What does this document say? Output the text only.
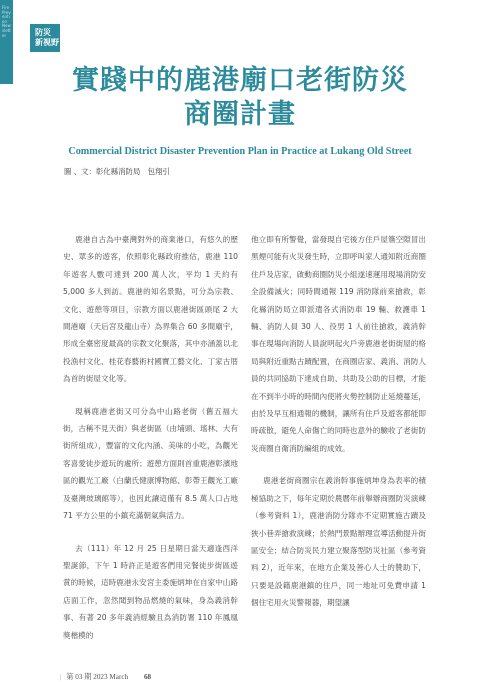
Fire Prevention Newsletter	防災
新視野
實踐中的鹿港廟口老街防災
商圈計畫
Commercial District Disaster Prevention Plan in Practice at Lukang Old Street
圖 、文：彰化縣消防局　包翔引

鹿港自古為中臺灣對外的商業港口，有悠久的歷史、眾多的遊客，依照彰化縣政府推估，鹿港 110 年遊客人數可達到 200 萬人次，平均 1 天約有 5,000 多人到訪。鹿港的知名景點，可分為宗教、文化、遊憩等項目，宗教方面以鹿港街區頭尾 2 大間港廟（天后宮及龍山寺）為界集合 60 多間廟宇，形成全臺密度最高的宗教文化聚落，其中亦涵蓋以北投漁村文化、桂花春藝術村國寶工藝文化、丁家古厝為首的街屋文化等。

現稱鹿港老街又可分為中山路老街（舊五福大街，古稱不見天街）與老街區（由埔頭、瑤林、大有街所組成），豐富的文化內涵、美味的小吃，為觀光客喜愛徒步遊玩的處所；遊憩方面則首重鹿港彰濱地區的觀光工廠（白蘭氏健康博物館、彰帶王觀光工廠及臺灣玻璃館等），也因此讓這僅有 8.5 萬人口占地 71 平方公里的小鎮充滿朝氣與活力。

去（111）年 12 月 25 日星期日當天適逢西洋聖誕節，下午 1 時許正是遊客們用完餐徒步街區遊賞的時候，這時鹿港永安宮主委施炳坤在自家中山路店面工作，忽然聞到物品燃燒的氣味，身為義消幹事、有著 20 多年義消經驗且為消防署 110 年鳳凰獎楷模的

他立即有所警覺，當發現自宅後方住戶屋簷空隙冒出黑煙可能有火災發生時，立即呼叫家人通知附近商圈住戶及店家，啟動商圈防災小組遂速運用現場消防安全設備滅火；同時間通報 119 消防隊前來搶救，彰化縣消防局立即派遣各式消防車 19 輛、救護車 1 輛、消防人員 30 人、役男 1 人前往搶救，義消幹事在現場向消防人員說明起火戶旁鹿港老街街屋的格局與附近重點古蹟配置，在商圈店家、義消、消防人員的共同協助下達成自助、共助及公助的目標，才能在不到半小時的時間內使將火勢控制防止延燒蔓延，由於及早互相通報的機制，讓所有住戶及遊客都能即時疏散，避免人命傷亡的同時也意外的驗收了老街防災商圈自衛消防編組的成效。

鹿港老街商圈宗在義消幹事施炳坤身為表率的積極協助之下，每年定期於農曆年前舉辦商圈防災演練（參考資料 1），鹿港消防分隊亦不定期實施古蹟及狹小巷弄搶救演練；於熱門景點辦理宣導活動提升街區安全；結合防災民力建立聚落型防災社區（參考資料 2），近年來，在地方企業及善心人士的贊助下，只要是設籍鹿港鎮的住戶，同一地址可免費申請 1 個住宅用火災警報器，期望讓

| 第 03 期 2023 March 68
